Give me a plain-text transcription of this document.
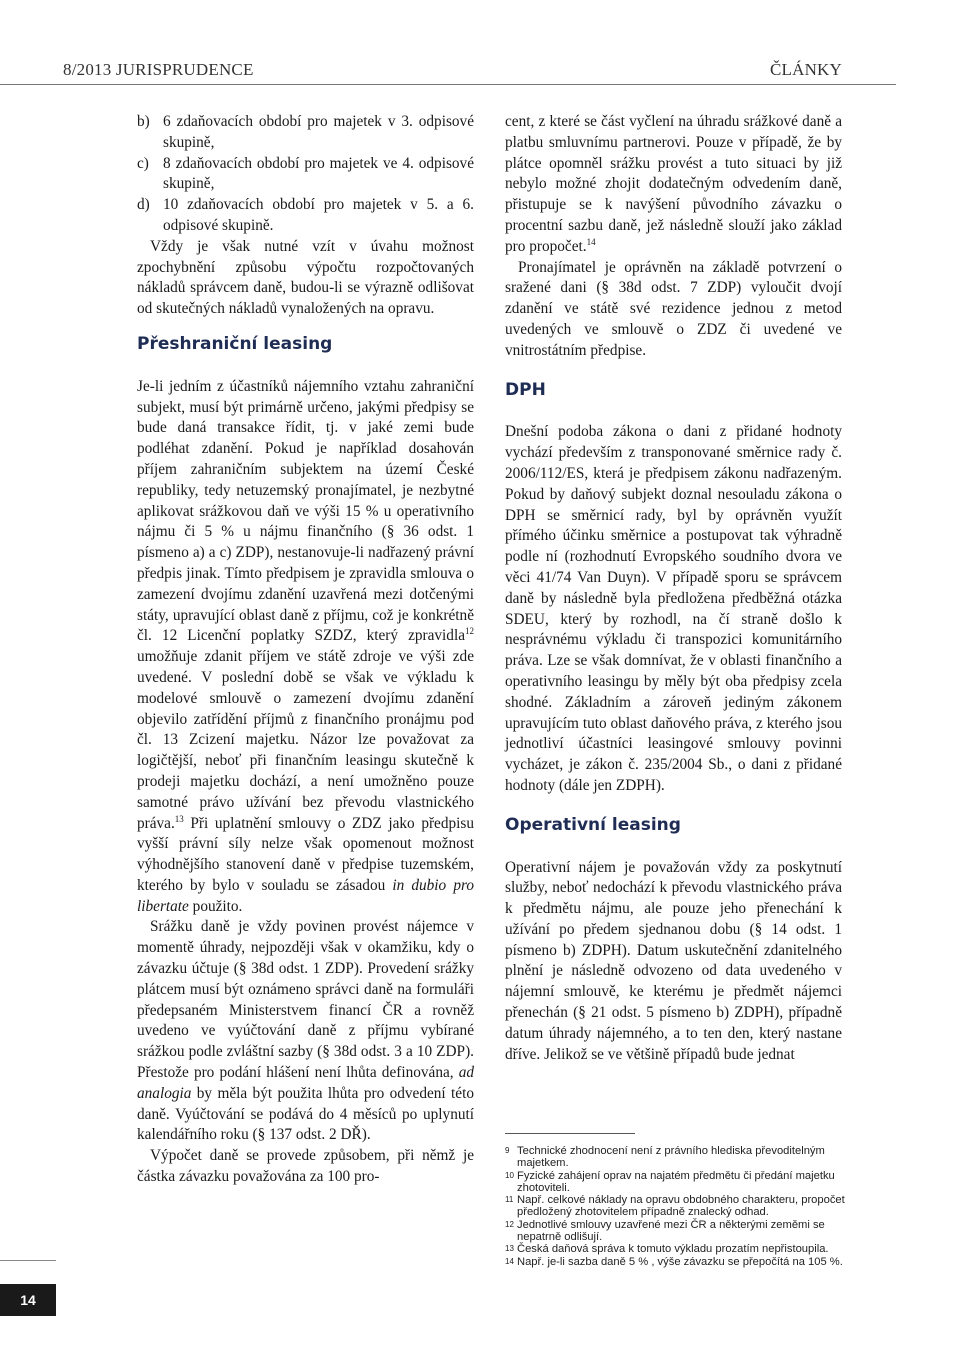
8/2013 JURISPRUDENCE	ČLÁNKY
b) 6 zdaňovacích období pro majetek v 3. odpisové skupině,
c) 8 zdaňovacích období pro majetek ve 4. odpisové skupině,
d) 10 zdaňovacích období pro majetek v 5. a 6. odpisové skupině.

Vždy je však nutné vzít v úvahu možnost zpochybnění způsobu výpočtu rozpočtovaných nákladů správcem daně, budou-li se výrazně odlišovat od skutečných nákladů vynaložených na opravu.

Přeshraniční leasing

Je-li jedním z účastníků nájemního vztahu zahraniční subjekt, musí být primárně určeno, jakými předpisy se bude daná transakce řídit, tj. v jaké zemi bude podléhat zdanění. Pokud je například dosahován příjem zahraničním subjektem na území České republiky, tedy netuzemský pronajímatel, je nezbytné aplikovat srážkovou daň ve výši 15 % u operativního nájmu či 5 % u nájmu finančního (§ 36 odst. 1 písmeno a) a c) ZDP), nestanovuje-li nadřazený právní předpis jinak. Tímto předpisem je zpravidla smlouva o zamezení dvojímu zdanění uzavřená mezi dotčenými státy, upravující oblast daně z příjmu, což je konkrétně čl. 12 Licenční poplatky SZDZ, který zpravidla$^{12}$ umožňuje zdanit příjem ve státě zdroje ve výši zde uvedené. V poslední době se však ve výkladu k modelové smlouvě o zamezení dvojímu zdanění objevilo zatřídění příjmů z finančního pronájmu pod čl. 13 Zcizení majetku. Názor lze považovat za logičtější, neboť při finančním leasingu skutečně k prodeji majetku dochází, a není umožněno pouze samotné právo užívání bez převodu vlastnického práva.$^{13}$ Při uplatnění smlouvy o ZDZ jako předpisu vyšší právní síly nelze však opomenout možnost výhodnějšího stanovení daně v předpise tuzemském, kterého by bylo v souladu se zásadou in dubio pro libertate použito.

Srážku daně je vždy povinen provést nájemce v momentě úhrady, nejpozději však v okamžiku, kdy o závazku účtuje (§ 38d odst. 1 ZDP). Provedení srážky plátcem musí být oznámeno správci daně na formuláři předepsaném Ministerstvem financí ČR a rovněž uvedeno ve vyúčtování daně z příjmu vybírané srážkou podle zvláštní sazby (§ 38d odst. 3 a 10 ZDP). Přestože pro podání hlášení není lhůta definována, ad analogia by měla být použita lhůta pro odvedení této daně. Vyúčtování se podává do 4 měsíců po uplynutí kalendářního roku (§ 137 odst. 2 DŘ).

Výpočet daně se provede způsobem, při němž je částka závazku považována za 100 pro-

cent, z které se část vyčlení na úhradu srážkové daně a platbu smluvnímu partnerovi. Pouze v případě, že by plátce opomněl srážku provést a tuto situaci by již nebylo možné zhojit dodatečným odvedením daně, přistupuje se k navýšení původního závazku o procentní sazbu daně, jež následně slouží jako základ pro propočet.$^{14}$

Pronajímatel je oprávněn na základě potvrzení o sražené dani (§ 38d odst. 7 ZDP) vyloučit dvojí zdanění ve státě své rezidence jednou z metod uvedených ve smlouvě o ZDZ či uvedené ve vnitrostátním předpise.

DPH

Dnešní podoba zákona o dani z přidané hodnoty vychází především z transponované směrnice rady č. 2006/112/ES, která je předpisem zákonu nadřazeným. Pokud by daňový subjekt doznal nesouladu zákona o DPH se směrnicí rady, byl by oprávněn využít přímého účinku směrnice a postupovat tak výhradně podle ní (rozhodnutí Evropského soudního dvora ve věci 41/74 Van Duyn). V případě sporu se správcem daně by následně byla předložena předběžná otázka SDEU, který by rozhodl, na čí straně došlo k nesprávnému výkladu či transpozici komunitárního práva. Lze se však domnívat, že v oblasti finančního a operativního leasingu by měly být oba předpisy zcela shodné. Základním a zároveň jediným zákonem upravujícím tuto oblast daňového práva, z kterého jsou jednotliví účastníci leasingové smlouvy povinni vycházet, je zákon č. 235/2004 Sb., o dani z přidané hodnoty (dále jen ZDPH).

Operativní leasing

Operativní nájem je považován vždy za poskytnutí služby, neboť nedochází k převodu vlastnického práva k předmětu nájmu, ale pouze jeho přenechání k užívání po předem sjednanou dobu (§ 14 odst. 1 písmeno b) ZDPH). Datum uskutečnění zdanitelného plnění je následně odvozeno od data uvedeného v nájemní smlouvě, ke kterému je předmět nájemci přenechán (§ 21 odst. 5 písmeno b) ZDPH), případně datum úhrady nájemného, a to ten den, který nastane dříve. Jelikož se ve většině případů bude jednat

9 Technické zhodnocení není z právního hlediska převoditelným majetkem.
10 Fyzické zahájení oprav na najatém předmětu či předání majetku zhotoviteli.
11 Např. celkové náklady na opravu obdobného charakteru, propočet předložený zhotovitelem případně znalecký odhad.
12 Jednotlivé smlouvy uzavřené mezi ČR a některými zeměmi se nepatrně odlišují.
13 Česká daňová správa k tomuto výkladu prozatím nepřistoupila.
14 Např. je-li sazba daně 5 % , výše závazku se přepočítá na 105 %.
14
